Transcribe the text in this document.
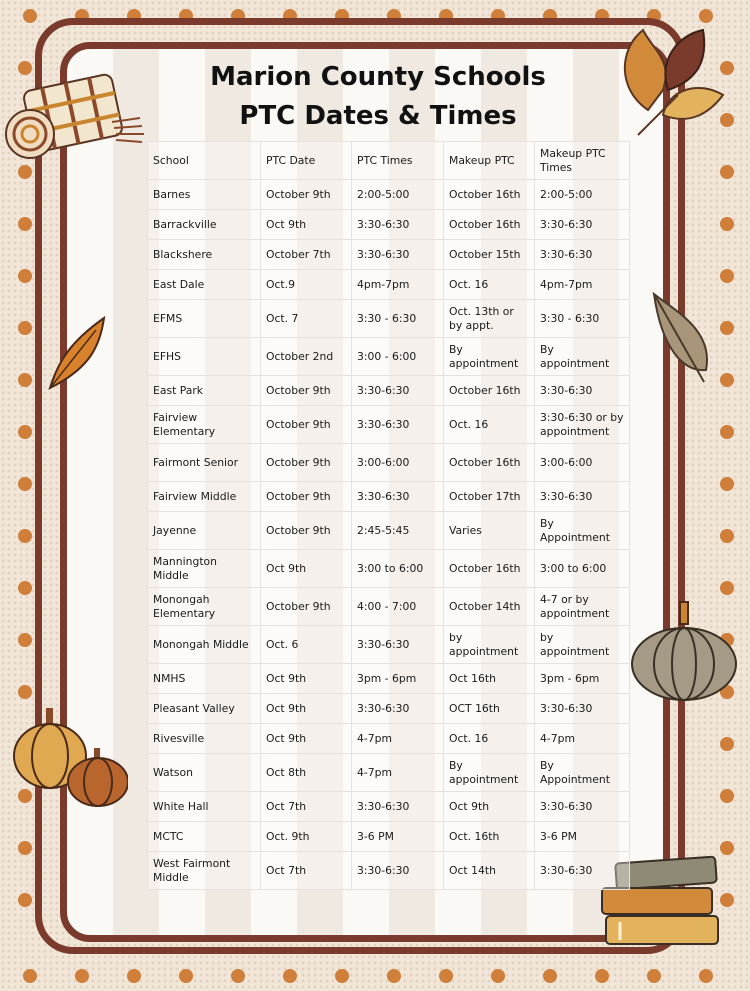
Marion County Schools
PTC Dates & Times
School	PTC Date	PTC Times	Makeup PTC	Makeup PTC Times
Barnes	October 9th	2:00-5:00	October 16th	2:00-5:00
Barrackville	Oct 9th	3:30-6:30	October 16th	3:30-6:30
Blackshere	October 7th	3:30-6:30	October 15th	3:30-6:30
East Dale	Oct.9	4pm-7pm	Oct. 16	4pm-7pm
EFMS	Oct. 7	3:30 - 6:30	Oct. 13th or by appt.	3:30 - 6:30
EFHS	October 2nd	3:00 - 6:00	By appointment	By appointment
East Park	October 9th	3:30-6:30	October 16th	3:30-6:30
Fairview Elementary	October 9th	3:30-6:30	Oct. 16	3:30-6:30 or by appointment
Fairmont Senior	October 9th	3:00-6:00	October 16th	3:00-6:00
Fairview Middle	October 9th	3:30-6:30	October 17th	3:30-6:30
Jayenne	October 9th	2:45-5:45	Varies	By Appointment
Mannington Middle	Oct 9th	3:00 to 6:00	October 16th	3:00 to 6:00
Monongah Elementary	October 9th	4:00 - 7:00	October 14th	4-7 or by appointment
Monongah Middle	Oct. 6	3:30-6:30	by appointment	by appointment
NMHS	Oct 9th	3pm - 6pm	Oct 16th	3pm - 6pm
Pleasant Valley	Oct 9th	3:30-6:30	OCT 16th	3:30-6:30
Rivesville	Oct 9th	4-7pm	Oct. 16	4-7pm
Watson	Oct 8th	4-7pm	By appointment	By Appointment
White Hall	Oct 7th	3:30-6:30	Oct 9th	3:30-6:30
MCTC	Oct. 9th	3-6 PM	Oct. 16th	3-6 PM
West Fairmont Middle	Oct 7th	3:30-6:30	Oct 14th	3:30-6:30
